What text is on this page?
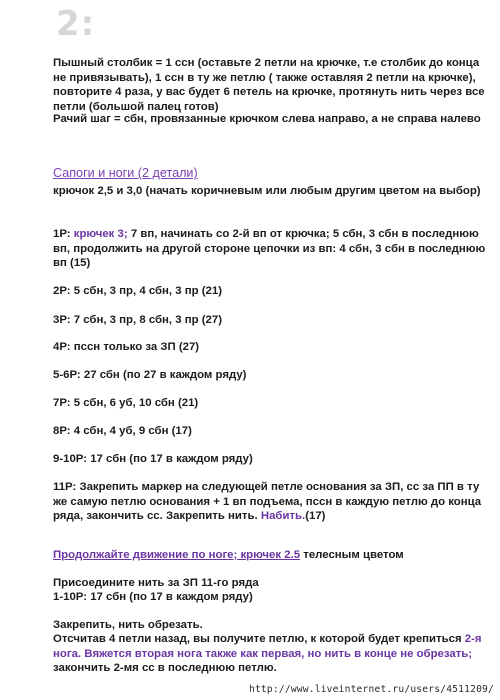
2:
Пышный столбик = 1 ссн (оставьте 2 петли на крючке, т.е столбик до конца не привязывать), 1 ссн в ту же петлю ( также оставляя 2 петли на крючке), повторите 4 раза, у вас будет 6 петель на крючке, протянуть нить через все петли (большой палец готов)
Рачий шаг = сбн, провязанные крючком слева направо, а не справа налево
Сапоги и ноги (2 детали)
крючок 2,5 и 3,0 (начать коричневым или любым другим цветом на выбор)
1Р: крючек 3; 7 вп, начинать со 2-й вп от крючка; 5 сбн, 3 сбн в последнюю вп, продолжить на другой стороне цепочки из вп: 4 сбн, 3 сбн в последнюю вп (15)
2Р: 5 сбн, 3 пр, 4 сбн, 3 пр (21)
3Р: 7 сбн, 3 пр, 8 сбн, 3 пр (27)
4Р: пссн только за ЗП (27)
5-6Р: 27 сбн (по 27 в каждом ряду)
7Р: 5 сбн, 6 уб, 10 сбн (21)
8Р: 4 сбн, 4 уб, 9 сбн (17)
9-10Р: 17 сбн (по 17 в каждом ряду)
11Р: Закрепить маркер на следующей петле основания за ЗП, сс за ПП в ту же самую петлю основания + 1 вп подъема, пссн в каждую петлю до конца ряда, закончить сс. Закрепить нить. Набить.(17)
Продолжайте движение по ноге; крючек 2.5 телесным цветом
Присоедините нить за ЗП 11-го ряда
1-10Р: 17 сбн (по 17 в каждом ряду)
Закрепить, нить обрезать.
Отсчитав 4 петли назад, вы получите петлю, к которой будет крепиться 2-я нога. Вяжется вторая нога также как первая, но нить в конце не обрезать; закончить 2-мя сс в последнюю петлю.
http://www.liveinternet.ru/users/4511209/
